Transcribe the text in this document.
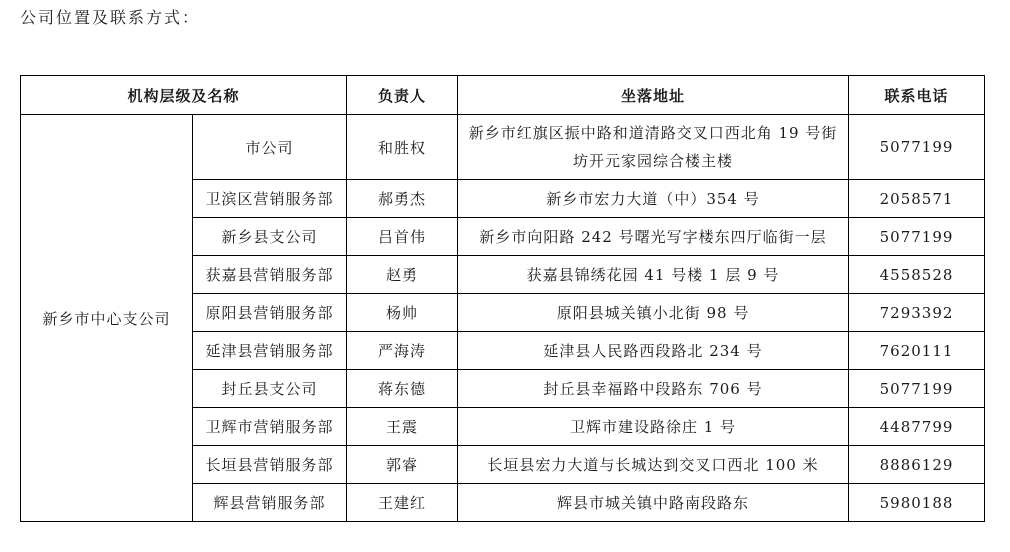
公司位置及联系方式：
机构层级及名称		负责人	坐落地址	联系电话
新乡市中心支公司	市公司	和胜权	新乡市红旗区振中路和道清路交叉口西北角 19 号街坊开元家园综合楼主楼	5077199
	卫滨区营销服务部	郝勇杰	新乡市宏力大道（中）354 号	2058571
	新乡县支公司	吕首伟	新乡市向阳路 242 号曙光写字楼东四厅临街一层	5077199
	获嘉县营销服务部	赵勇	获嘉县锦绣花园 41 号楼 1 层 9 号	4558528
	原阳县营销服务部	杨帅	原阳县城关镇小北街 98 号	7293392
	延津县营销服务部	严海涛	延津县人民路西段路北 234 号	7620111
	封丘县支公司	蒋东德	封丘县幸福路中段路东 706 号	5077199
	卫辉市营销服务部	王震	卫辉市建设路徐庄 1 号	4487799
	长垣县营销服务部	郭睿	长垣县宏力大道与长城达到交叉口西北 100 米	8886129
	辉县营销服务部	王建红	辉县市城关镇中路南段路东	5980188
